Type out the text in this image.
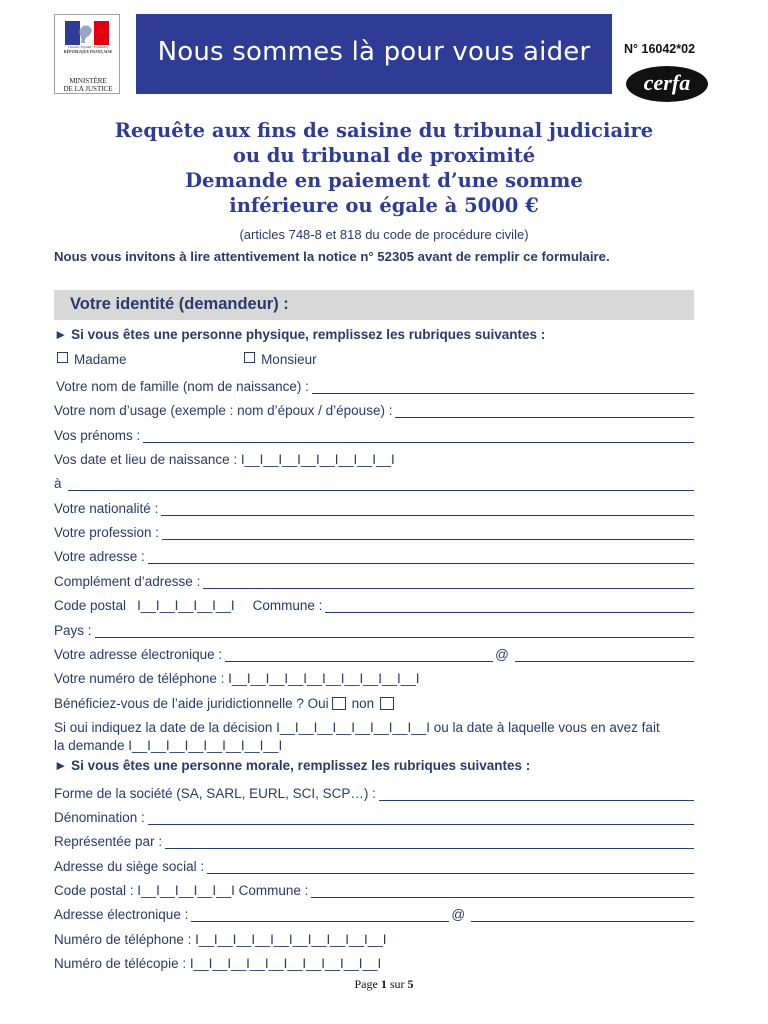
Liberté • Égalité • Fraternité
RÉPUBLIQUE FRANÇAISE
MINISTÈRE
DE LA JUSTICE
Nous sommes là pour vous aider	N° 16042*02
cerfa
Requête aux fins de saisine du tribunal judiciaire
ou du tribunal de proximité
Demande en paiement d’une somme
inférieure ou égale à 5000 €
(articles 748-8 et 818 du code de procédure civile)
Nous vous invitons à lire attentivement la notice n° 52305 avant de remplir ce formulaire.
Votre identité (demandeur) :
► Si vous êtes une personne physique, remplissez les rubriques suivantes :
Madame	Monsieur
Votre nom de famille (nom de naissance) :
Votre nom d’usage (exemple : nom d’époux / d’épouse) :
Vos prénoms :
Vos date et lieu de naissance : I__I__I__I__I__I__I__I__I
à
Votre nationalité :
Votre profession :
Votre adresse :
Complément d’adresse :
Code postal I__I__I__I__I__I Commune :
Pays :
Votre adresse électronique :	@
Votre numéro de téléphone : I__I__I__I__I__I__I__I__I__I__I
Bénéficiez-vous de l’aide juridictionnelle ? Oui non
Si oui indiquez la date de la décision I__I__I__I__I__I__I__I__I ou la date à laquelle vous en avez fait
la demande I__I__I__I__I__I__I__I__I
► Si vous êtes une personne morale, remplissez les rubriques suivantes :
Forme de la société (SA, SARL, EURL, SCI, SCP…) :
Dénomination :
Représentée par :
Adresse du siège social :
Code postal : I__I__I__I__I__I Commune :
Adresse électronique :	@
Numéro de téléphone : I__I__I__I__I__I__I__I__I__I__I
Numéro de télécopie : I__I__I__I__I__I__I__I__I__I__I
Page 1 sur 5
